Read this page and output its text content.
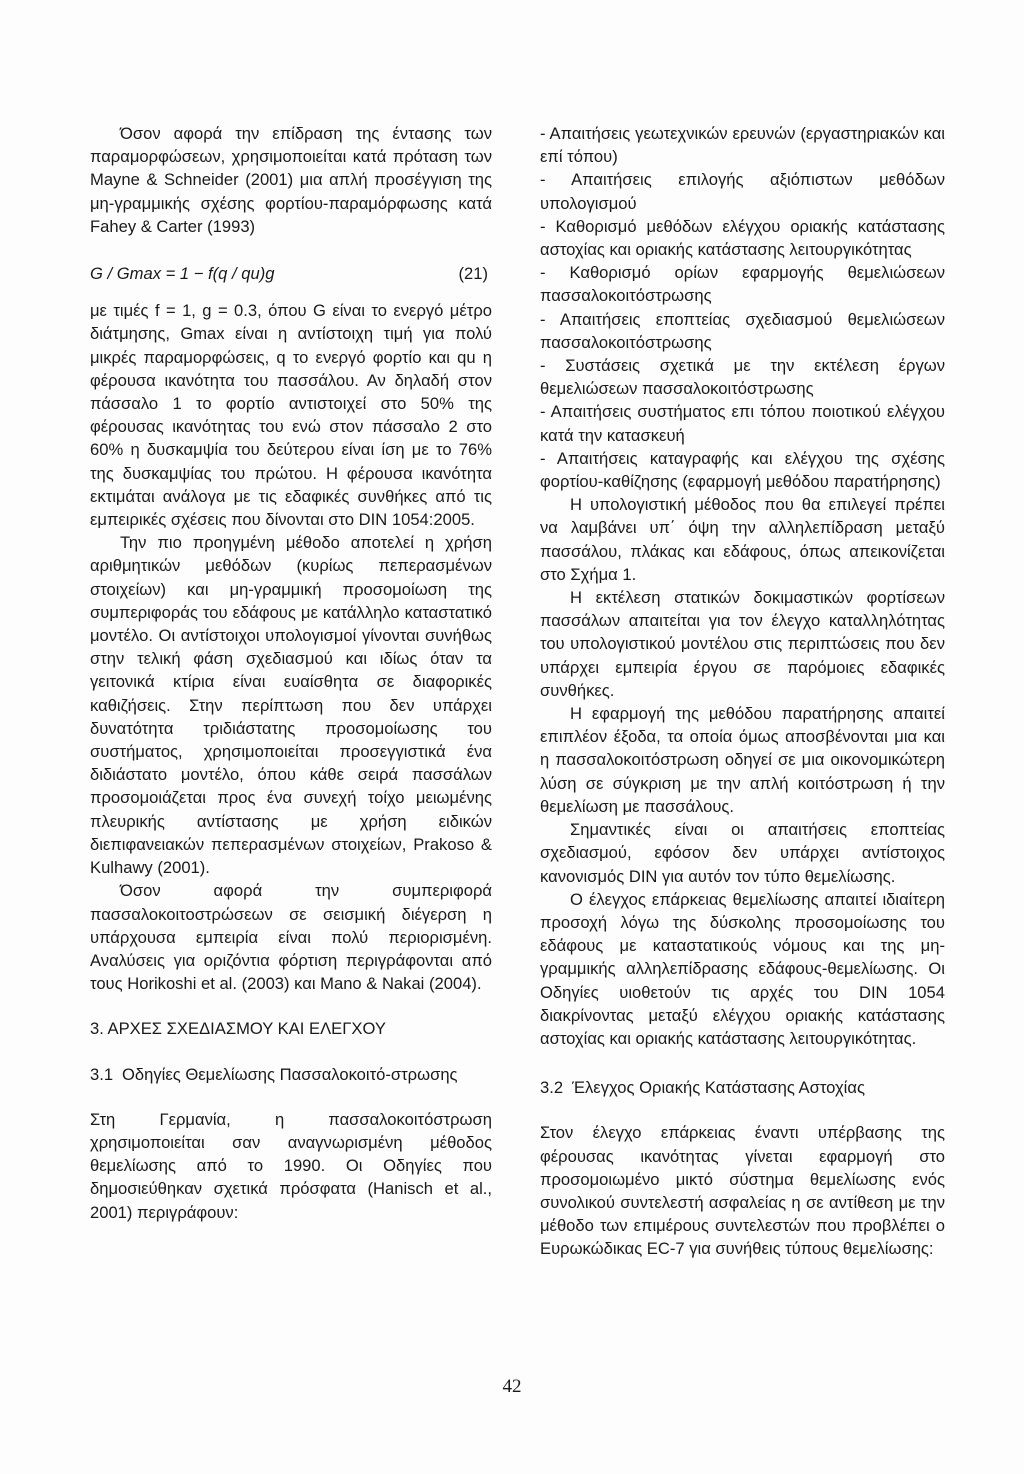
Όσον αφορά την επίδραση της έντασης των παραμορφώσεων, χρησιμοποιείται κατά πρόταση των Mayne & Schneider (2001) μια απλή προσέγγιση της μη-γραμμικής σχέσης φορτίου-παραμόρφωσης κατά Fahey & Carter (1993)

G / Gmax = 1 − f(q / qu)g	(21)

με τιμές f = 1, g = 0.3, όπου G είναι το ενεργό μέτρο διάτμησης, Gmax είναι η αντίστοιχη τιμή για πολύ μικρές παραμορφώσεις, q το ενεργό φορτίο και qu η φέρουσα ικανότητα του πασσάλου. Αν δηλαδή στον πάσσαλο 1 το φορτίο αντιστοιχεί στο 50% της φέρουσας ικανότητας του ενώ στον πάσσαλο 2 στο 60% η δυσκαμψία του δεύτερου είναι ίση με το 76% της δυσκαμψίας του πρώτου. Η φέρουσα ικανότητα εκτιμάται ανάλογα με τις εδαφικές συνθήκες από τις εμπειρικές σχέσεις που δίνονται στο DIN 1054:2005.

Την πιο προηγμένη μέθοδο αποτελεί η χρήση αριθμητικών μεθόδων (κυρίως πεπερασμένων στοιχείων) και μη-γραμμική προσομοίωση της συμπεριφοράς του εδάφους με κατάλληλο καταστατικό μοντέλο. Οι αντίστοιχοι υπολογισμοί γίνονται συνήθως στην τελική φάση σχεδιασμού και ιδίως όταν τα γειτονικά κτίρια είναι ευαίσθητα σε διαφορικές καθιζήσεις. Στην περίπτωση που δεν υπάρχει δυνατότητα τριδιάστατης προσομοίωσης του συστήματος, χρησιμοποιείται προσεγγιστικά ένα διδιάστατο μοντέλο, όπου κάθε σειρά πασσάλων προσομοιάζεται προς ένα συνεχή τοίχο μειωμένης πλευρικής αντίστασης με χρήση ειδικών διεπιφανειακών πεπερασμένων στοιχείων, Prakoso & Kulhawy (2001).

Όσον αφορά την συμπεριφορά πασσαλοκοιτοστρώσεων σε σεισμική διέγερση η υπάρχουσα εμπειρία είναι πολύ περιορισμένη. Αναλύσεις για οριζόντια φόρτιση περιγράφονται από τους Horikoshi et al. (2003) και Mano & Nakai (2004).

3. ΑΡΧΕΣ ΣΧΕΔΙΑΣΜΟΥ ΚΑΙ ΕΛΕΓΧΟΥ

3.1 Οδηγίες Θεμελίωσης Πασσαλοκοιτό-στρωσης

Στη Γερμανία, η πασσαλοκοιτόστρωση χρησιμοποιείται σαν αναγνωρισμένη μέθοδος θεμελίωσης από το 1990. Οι Οδηγίες που δημοσιεύθηκαν σχετικά πρόσφατα (Hanisch et al., 2001) περιγράφουν:

- Απαιτήσεις γεωτεχνικών ερευνών (εργαστηριακών και επί τόπου)

- Απαιτήσεις επιλογής αξιόπιστων μεθόδων υπολογισμού

- Καθορισμό μεθόδων ελέγχου οριακής κατάστασης αστοχίας και οριακής κατάστασης λειτουργικότητας

- Καθορισμό ορίων εφαρμογής θεμελιώσεων πασσαλοκοιτόστρωσης

- Απαιτήσεις εποπτείας σχεδιασμού θεμελιώσεων πασσαλοκοιτόστρωσης

- Συστάσεις σχετικά με την εκτέλεση έργων θεμελιώσεων πασσαλοκοιτόστρωσης

- Απαιτήσεις συστήματος επι τόπου ποιοτικού ελέγχου κατά την κατασκευή

- Απαιτήσεις καταγραφής και ελέγχου της σχέσης φορτίου-καθίζησης (εφαρμογή μεθόδου παρατήρησης)

Η υπολογιστική μέθοδος που θα επιλεγεί πρέπει να λαμβάνει υπ΄ όψη την αλληλεπίδραση μεταξύ πασσάλου, πλάκας και εδάφους, όπως απεικονίζεται στο Σχήμα 1.

Η εκτέλεση στατικών δοκιμαστικών φορτίσεων πασσάλων απαιτείται για τον έλεγχο καταλληλότητας του υπολογιστικού μοντέλου στις περιπτώσεις που δεν υπάρχει εμπειρία έργου σε παρόμοιες εδαφικές συνθήκες.

Η εφαρμογή της μεθόδου παρατήρησης απαιτεί επιπλέον έξοδα, τα οποία όμως αποσβένονται μια και η πασσαλοκοιτόστρωση οδηγεί σε μια οικονομικώτερη λύση σε σύγκριση με την απλή κοιτόστρωση ή την θεμελίωση με πασσάλους.

Σημαντικές είναι οι απαιτήσεις εποπτείας σχεδιασμού, εφόσον δεν υπάρχει αντίστοιχος κανονισμός DIN για αυτόν τον τύπο θεμελίωσης.

Ο έλεγχος επάρκειας θεμελίωσης απαιτεί ιδιαίτερη προσοχή λόγω της δύσκολης προσομοίωσης του εδάφους με καταστατικούς νόμους και της μη- γραμμικής αλληλεπίδρασης εδάφους-θεμελίωσης. Οι Οδηγίες υιοθετούν τις αρχές του DIN 1054 διακρίνοντας μεταξύ ελέγχου οριακής κατάστασης αστοχίας και οριακής κατάστασης λειτουργικότητας.

3.2 Έλεγχος Οριακής Κατάστασης Αστοχίας

Στον έλεγχο επάρκειας έναντι υπέρβασης της φέρουσας ικανότητας γίνεται εφαρμογή στο προσομοιωμένο μικτό σύστημα θεμελίωσης ενός συνολικού συντελεστή ασφαλείας η σε αντίθεση με την μέθοδο των επιμέρους συντελεστών που προβλέπει ο Ευρωκώδικας EC-7 για συνήθεις τύπους θεμελίωσης:

42
